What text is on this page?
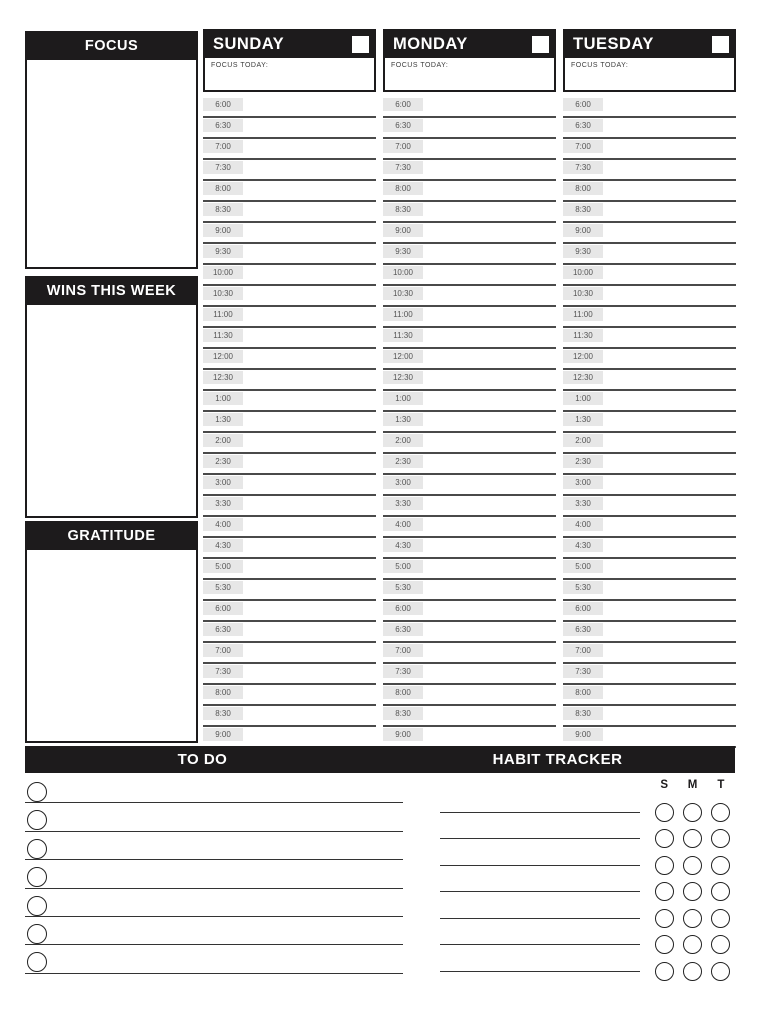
FOCUS
WINS THIS WEEK
GRATITUDE
SUNDAY
FOCUS TODAY:
6:00
6:30
7:00
7:30
8:00
8:30
9:00
9:30
10:00
10:30
11:00
11:30
12:00
12:30
1:00
1:30
2:00
2:30
3:00
3:30
4:00
4:30
5:00
5:30
6:00
6:30
7:00
7:30
8:00
8:30
9:00
MONDAY
FOCUS TODAY:
6:00
6:30
7:00
7:30
8:00
8:30
9:00
9:30
10:00
10:30
11:00
11:30
12:00
12:30
1:00
1:30
2:00
2:30
3:00
3:30
4:00
4:30
5:00
5:30
6:00
6:30
7:00
7:30
8:00
8:30
9:00
TUESDAY
FOCUS TODAY:
6:00
6:30
7:00
7:30
8:00
8:30
9:00
9:30
10:00
10:30
11:00
11:30
12:00
12:30
1:00
1:30
2:00
2:30
3:00
3:30
4:00
4:30
5:00
5:30
6:00
6:30
7:00
7:30
8:00
8:30
9:00
TO DO	HABIT TRACKER
S	M	T
